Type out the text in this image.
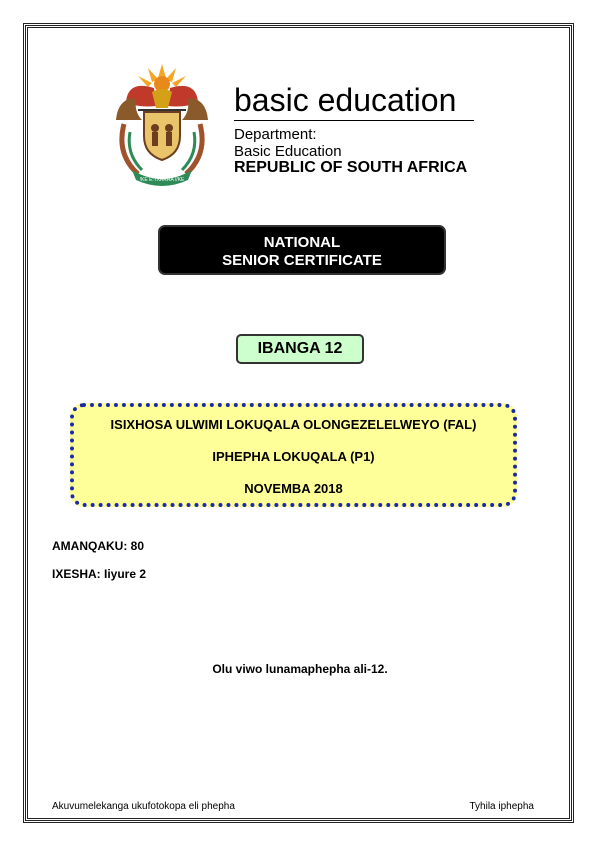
!KE E: /XARRA //KE
basic education
Department:
Basic Education
REPUBLIC OF SOUTH AFRICA
NATIONAL
SENIOR CERTIFICATE
IBANGA 12
ISIXHOSA ULWIMI LOKUQALA OLONGEZELELWEYO (FAL)
IPHEPHA LOKUQALA (P1)
NOVEMBA 2018
AMANQAKU: 80
IXESHA: Iiyure 2
Olu viwo lunamaphepha ali-12.
Akuvumelekanga ukufotokopa eli phepha	Tyhila iphepha
